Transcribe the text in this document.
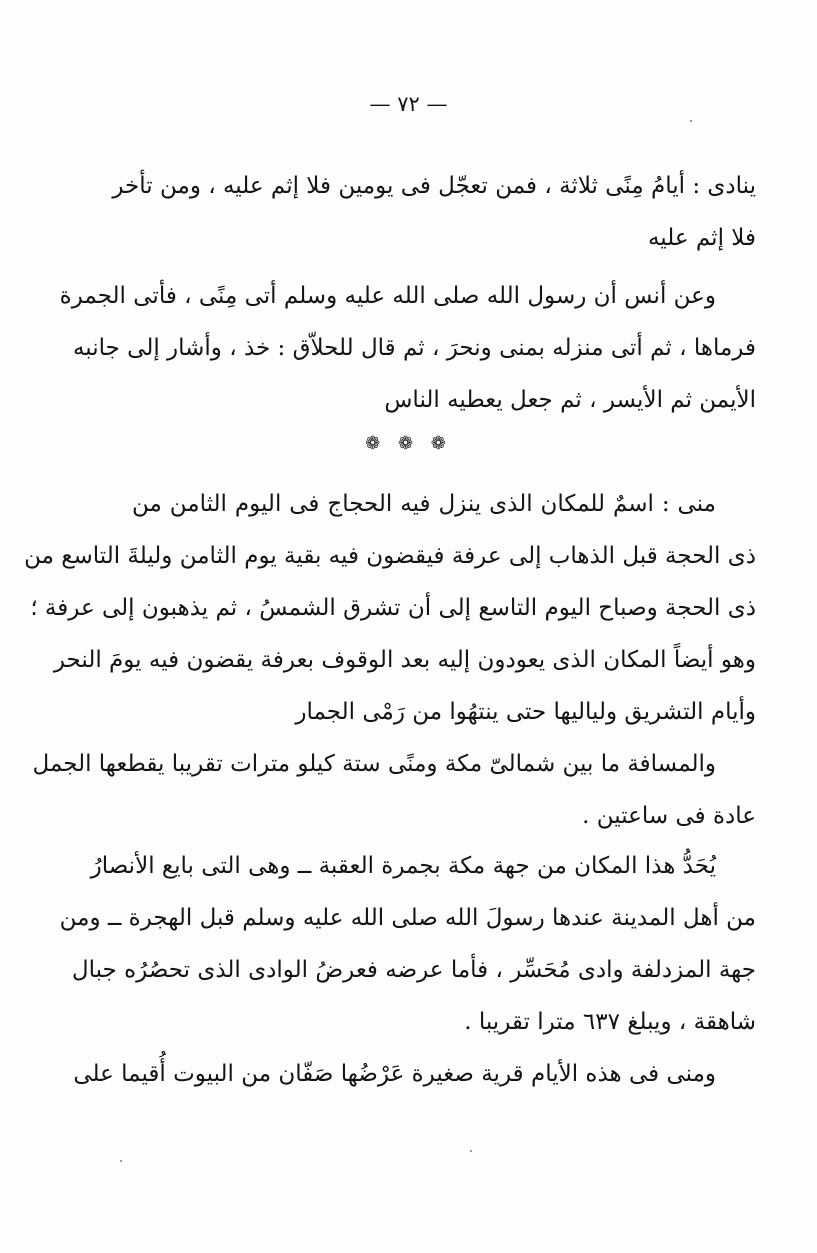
— ٧٢ —
ينادى : أيامُ مِنًى ثلاثة ، فمن تعجّل فى يومين فلا إثم عليه ، ومن تأخر
فلا إثم عليه
وعن أنس أن رسول الله صلى الله عليه وسلم أتى مِنًى ، فأتى الجمرة
فرماها ، ثم أتى منزله بمنى ونحرَ ، ثم قال للحلاّق : خذ ، وأشار إلى جانبه
الأيمن ثم الأيسر ، ثم جعل يعطيه الناس
❁ ❁ ❁
منى : اسمٌ للمكان الذى ينزل فيه الحجاج فى اليوم الثامن من
ذى الحجة قبل الذهاب إلى عرفة فيقضون فيه بقية يوم الثامن وليلةَ التاسع من
ذى الحجة وصباح اليوم التاسع إلى أن تشرق الشمسُ ، ثم يذهبون إلى عرفة ؛
وهو أيضاً المكان الذى يعودون إليه بعد الوقوف بعرفة يقضون فيه يومَ النحر
وأيام التشريق ولياليها حتى ينتهُوا من رَمْى الجمار
والمسافة ما بين شمالىّ مكة ومنًى ستة كيلو مترات تقريبا يقطعها الجمل
عادة فى ساعتين .
يُحَدُّ هذا المكان من جهة مكة بجمرة العقبة ــ وهى التى بايع الأنصارُ
من أهل المدينة عندها رسولَ الله صلى الله عليه وسلم قبل الهجرة ــ ومن
جهة المزدلفة وادى مُحَسِّر ، فأما عرضه فعرضُ الوادى الذى تحصُرُه جبال
شاهقة ، ويبلغ ٦٣٧ مترا تقريبا .
ومنى فى هذه الأيام قرية صغيرة عَرْضُها صَفّان من البيوت أُقيما على
